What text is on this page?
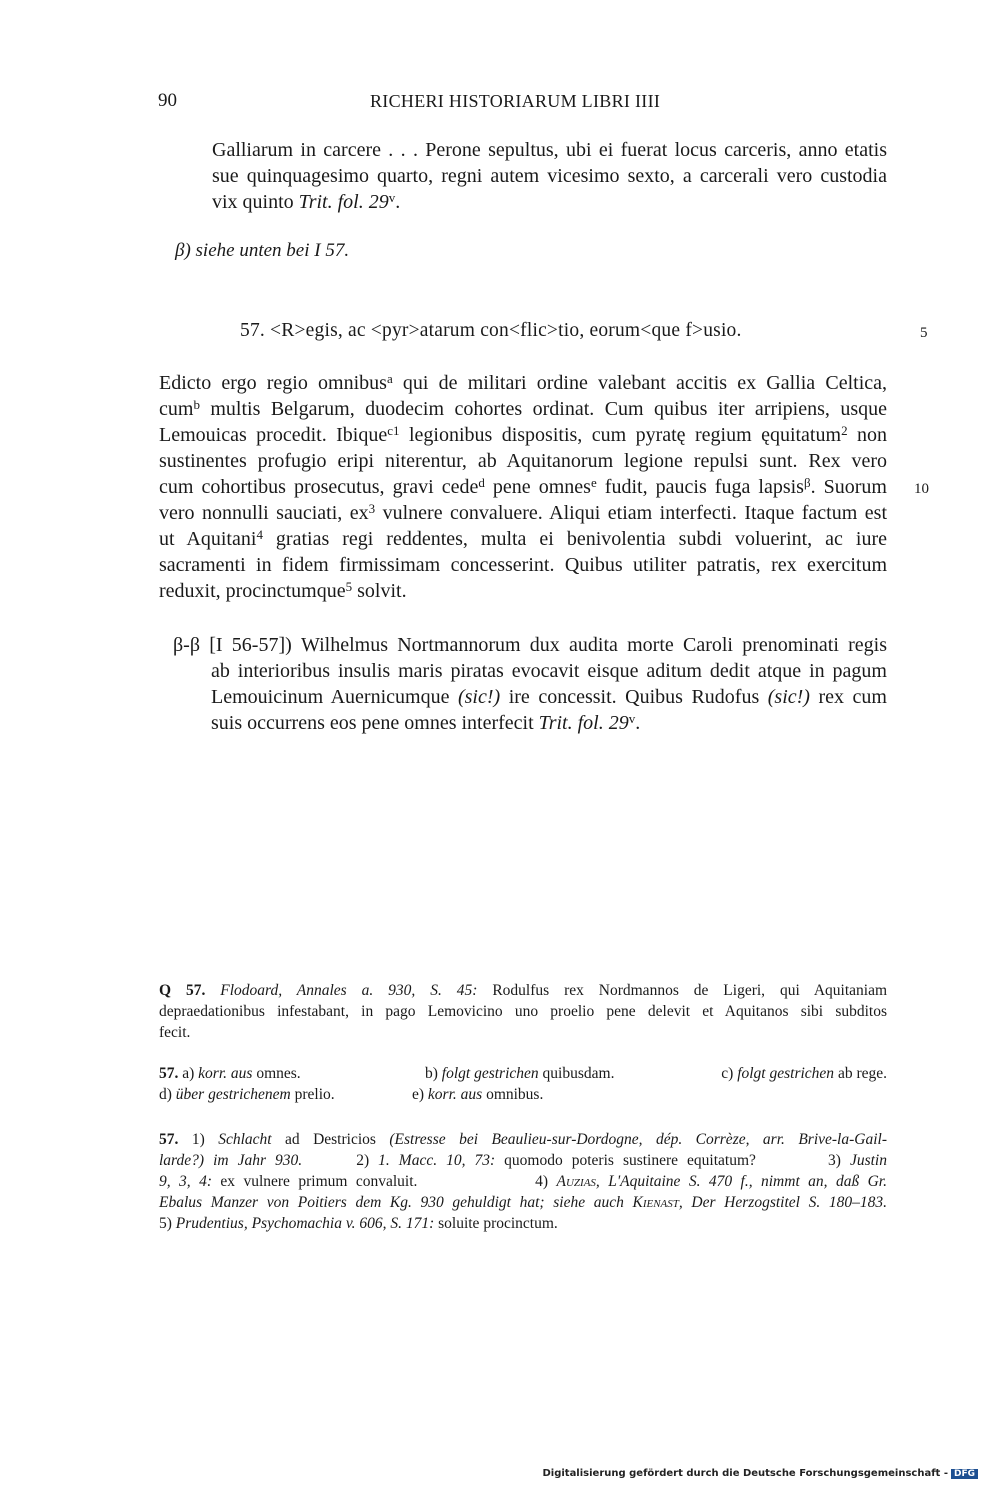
90	RICHERI HISTORIARUM LIBRI IIII
Galliarum in carcere . . . Perone sepultus, ubi ei fuerat locus carceris, anno etatis
sue quinquagesimo quarto, regni autem vicesimo sexto, a carcerali vero custodia
vix quinto Trit. fol. 29$^v$.
β) siehe unten bei I 57.
57. <R>egis, ac <pyr>atarum con<flic>tio, eorum<que f>usio.	5
10
Edicto ergo regio omnibus$^a$ qui de militari ordine valebant accitis ex Gallia Celtica,
cum$^b$ multis Belgarum, duodecim cohortes ordinat. Cum quibus iter arripiens, usque
Lemouicas procedit. Ibique$^{c1}$ legionibus dispositis, cum pyratę regium ęquitatum$^2$ non
sustinentes profugio eripi niterentur, ab Aquitanorum legione repulsi sunt. Rex vero
cum cohortibus prosecutus, gravi cede$^d$ pene omnes$^e$ fudit, paucis fuga lapsis$^\beta$. Suorum
vero nonnulli sauciati, $ex^3$ vulnere convaluere. Aliqui etiam interfecti. Itaque factum est
ut Aquitani$^4$ gratias regi reddentes, multa ei benivolentia subdi voluerint, ac iure
sacramenti in fidem firmissimam concesserint. Quibus utiliter patratis, rex exercitum
reduxit, procinctumque$^5$ solvit.
β-β [I 56-57]) Wilhelmus Nortmannorum dux audita morte Caroli prenominati regis
ab interioribus insulis maris piratas evocavit eisque aditum dedit atque in pagum
Lemouicinum Auernicumque (sic!) ire concessit. Quibus Rudofus (sic!) rex cum
suis occurrens eos pene omnes interfecit Trit. fol. 29$^v$.
Q 57. Flodoard, Annales a. 930, S. 45: Rodulfus rex Nordmannos de Ligeri, qui Aquitaniam
depraedationibus infestabant, in pago Lemovicino uno proelio pene delevit et Aquitanos sibi subditos
fecit.
57. a) korr. aus omnes.	b) folgt gestrichen quibusdam.	c) folgt gestrichen ab rege.
d) über gestrichenem prelio.	e) korr. aus omnibus.
57. 1) Schlacht ad Destricios (Estresse bei Beaulieu-sur-Dordogne, dép. Corrèze, arr. Brive-la-Gail-
larde?) im Jahr 930.      2) 1. Macc. 10, 73: quomodo poteris sustinere equitatum?        3) Justin
9, 3, 4: ex vulnere primum convaluit.              4) Auzias, L'Aquitaine S. 470 f., nimmt an, daß Gr.
Ebalus Manzer von Poitiers dem Kg. 930 gehuldigt hat; siehe auch Kienast, Der Herzogstitel S. 180–183.
5) Prudentius, Psychomachia v. 606, S. 171: soluite procinctum.
Digitalisierung gefördert durch die Deutsche Forschungsgemeinschaft - DFG
